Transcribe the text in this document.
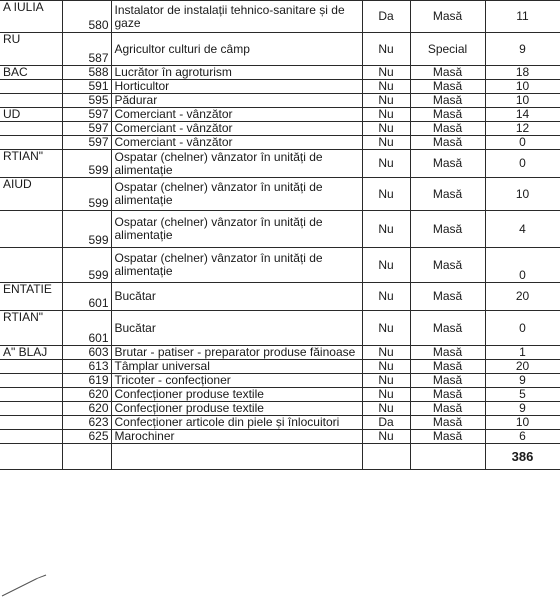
A IULIA	580	Instalator de instalații tehnico-sanitare și de gaze	Da	Masă	11
RU	587	Agricultor culturi de câmp	Nu	Special	9
BAC	588	Lucrător în agroturism	Nu	Masă	18
	591	Horticultor	Nu	Masă	10
	595	Pădurar	Nu	Masă	10
UD	597	Comerciant - vânzător	Nu	Masă	14
	597	Comerciant - vânzător	Nu	Masă	12
	597	Comerciant - vânzător	Nu	Masă	0
RTIAN"	599	Ospatar (chelner) vânzator în unități de alimentație	Nu	Masă	0
AIUD	599	Ospatar (chelner) vânzator în unități de alimentație	Nu	Masă	10
	599	Ospatar (chelner) vânzator în unități de alimentație	Nu	Masă	4
	599	Ospatar (chelner) vânzator în unități de alimentație	Nu	Masă	0
ENTATIE	601	Bucătar	Nu	Masă	20
RTIAN"	601	Bucătar	Nu	Masă	0
A" BLAJ	603	Brutar - patiser - preparator produse făinoase	Nu	Masă	1
	613	Tâmplar universal	Nu	Masă	20
	619	Tricoter - confecționer	Nu	Masă	9
	620	Confecționer produse textile	Nu	Masă	5
	620	Confecționer produse textile	Nu	Masă	9
	623	Confecționer articole din piele și înlocuitori	Da	Masă	10
	625	Marochiner	Nu	Masă	6
					386
